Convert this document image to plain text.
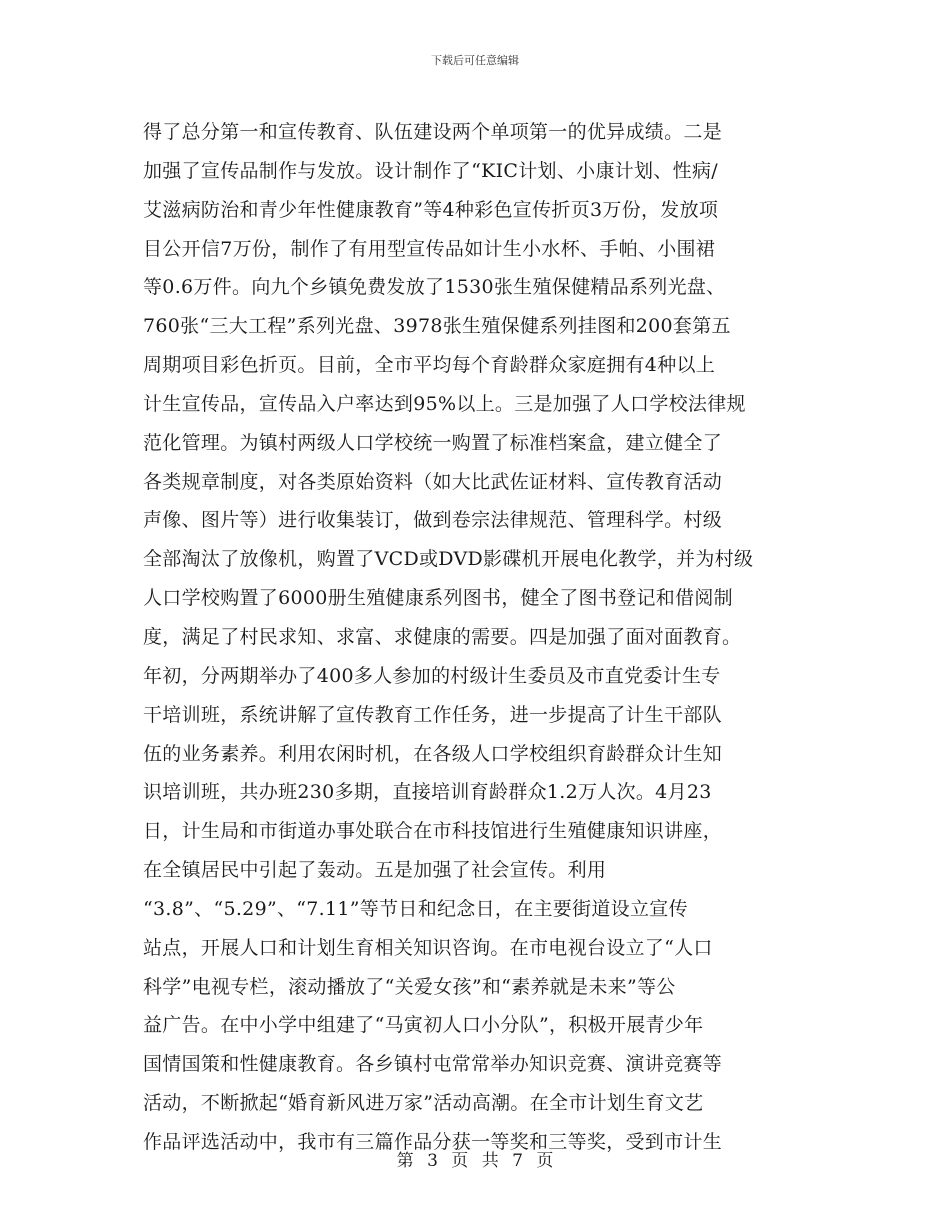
下载后可任意编辑
得了总分第一和宣传教育、队伍建设两个单项第一的优异成绩。二是
加强了宣传品制作与发放。设计制作了“KIC计划、小康计划、性病/
艾滋病防治和青少年性健康教育”等4种彩色宣传折页3万份，发放项
目公开信7万份，制作了有用型宣传品如计生小水杯、手帕、小围裙
等0.6万件。向九个乡镇免费发放了1530张生殖保健精品系列光盘、
760张“三大工程”系列光盘、3978张生殖保健系列挂图和200套第五
周期项目彩色折页。目前，全市平均每个育龄群众家庭拥有4种以上
计生宣传品，宣传品入户率达到95%以上。三是加强了人口学校法律规
范化管理。为镇村两级人口学校统一购置了标准档案盒，建立健全了
各类规章制度，对各类原始资料（如大比武佐证材料、宣传教育活动
声像、图片等）进行收集装订，做到卷宗法律规范、管理科学。村级
全部淘汰了放像机，购置了VCD或DVD影碟机开展电化教学，并为村级
人口学校购置了6000册生殖健康系列图书，健全了图书登记和借阅制
度，满足了村民求知、求富、求健康的需要。四是加强了面对面教育。
年初，分两期举办了400多人参加的村级计生委员及市直党委计生专
干培训班，系统讲解了宣传教育工作任务，进一步提高了计生干部队
伍的业务素养。利用农闲时机，在各级人口学校组织育龄群众计生知
识培训班，共办班230多期，直接培训育龄群众1.2万人次。4月23
日，计生局和市街道办事处联合在市科技馆进行生殖健康知识讲座，
在全镇居民中引起了轰动。五是加强了社会宣传。利用
“3.8”、“5.29”、“7.11”等节日和纪念日，在主要街道设立宣传
站点，开展人口和计划生育相关知识咨询。在市电视台设立了“人口
科学”电视专栏，滚动播放了“关爱女孩”和“素养就是未来”等公
益广告。在中小学中组建了“马寅初人口小分队”，积极开展青少年
国情国策和性健康教育。各乡镇村屯常常举办知识竞赛、演讲竞赛等
活动，不断掀起“婚育新风进万家”活动高潮。在全市计划生育文艺
作品评选活动中，我市有三篇作品分获一等奖和三等奖，受到市计生
第 3 页 共 7 页
